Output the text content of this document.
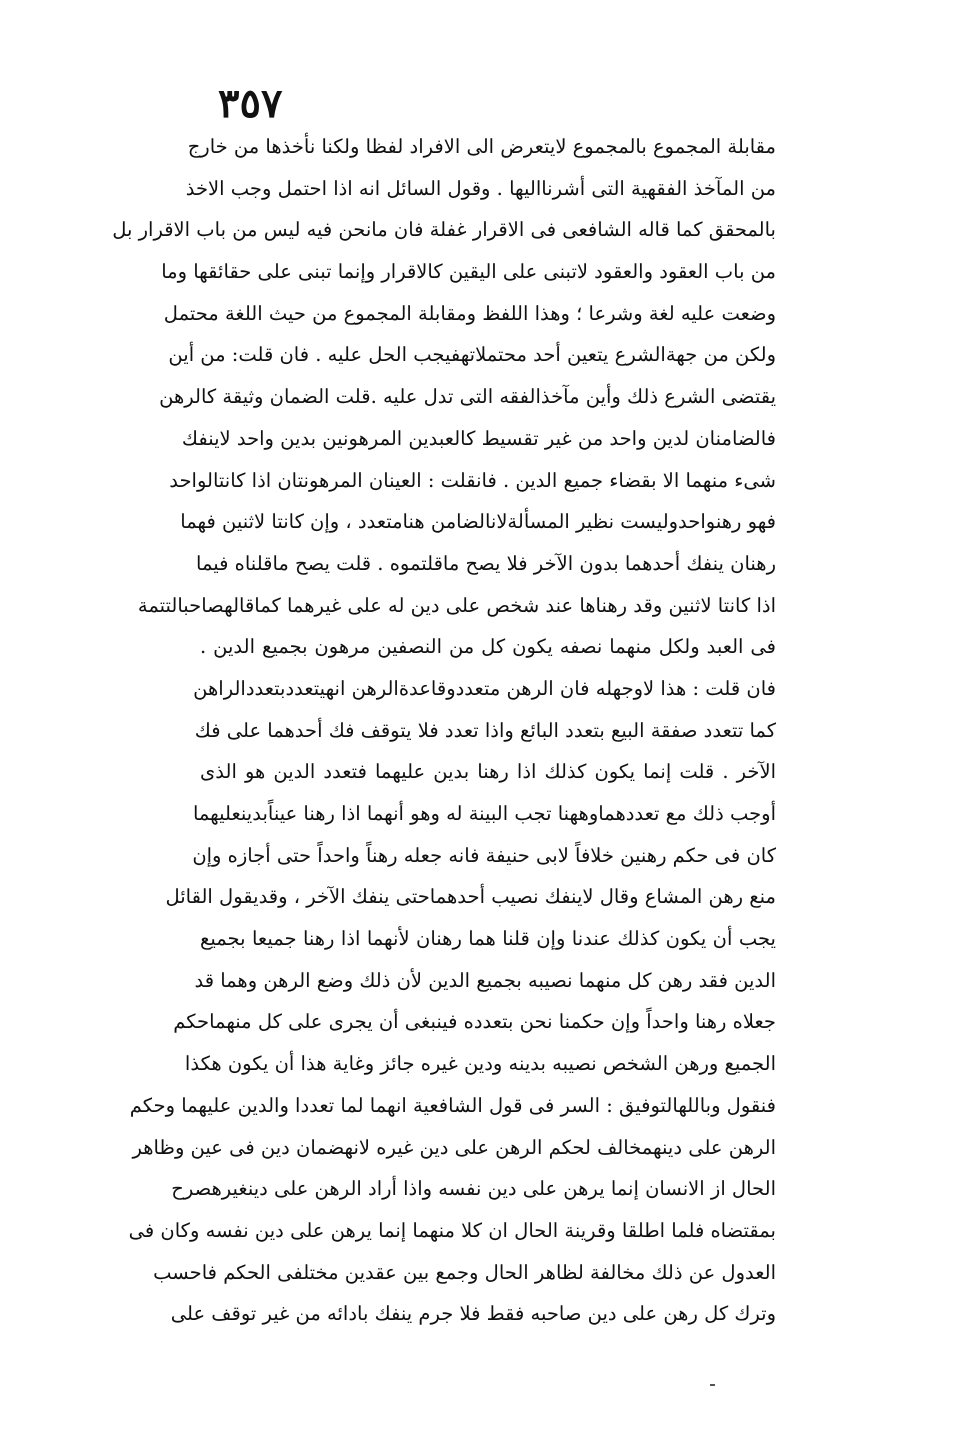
٣٥٧
مقابلة المجموع بالمجموع لايتعرض الى الافراد لفظا ولكنا نأخذها من خارج
من المآخذ الفقهية التى أشرنااليها . وقول السائل انه اذا احتمل وجب الاخذ
بالمحقق كما قاله الشافعى فى الاقرار غفلة فان مانحن فيه ليس من باب الاقرار بل
من باب العقود والعقود لاتبنى على اليقين كالاقرار وإنما تبنى على حقائقها وما
وضعت عليه لغة وشرعا ؛ وهذا اللفظ ومقابلة المجموع من حيث اللغة محتمل
ولكن من جهةالشرع يتعين أحد محتملاتهفيجب الحل عليه . فان قلت: من أين
يقتضى الشرع ذلك وأين مآخذالفقه التى تدل عليه .قلت الضمان وثيقة كالرهن
فالضامنان لدين واحد من غير تقسيط كالعبدين المرهونين بدين واحد لاينفك
شىء منهما الا بقضاء جميع الدين . فانقلت : العينان المرهونتان اذا كانتالواحد
فهو رهنواحدوليست نظير المسألةلانالضامن هنامتعدد ، وإن كانتا لاثنين فهما
رهنان ينفك أحدهما بدون الآخر فلا يصح ماقلتموه . قلت يصح ماقلناه فيما
اذا كانتا لاثنين وقد رهناها عند شخص على دين له على غيرهما كماقالهصاحبالتتمة
فى العبد ولكل منهما نصفه يكون كل من النصفين مرهون بجميع الدين .
فان قلت : هذا لاوجهله فان الرهن متعددوقاعدةالرهن انهيتعددبتعددالراهن
كما تتعدد صفقة البيع بتعدد البائع واذا تعدد فلا يتوقف فك أحدهما على فك
الآخر . قلت إنما يكون كذلك اذا رهنا بدين عليهما فتعدد الدين هو الذى
أوجب ذلك مع تعددهماوههنا تجب البينة له وهو أنهما اذا رهنا عيناًبدينعليهما
كان فى حكم رهنين خلافاً لابى حنيفة فانه جعله رهناً واحداً حتى أجازه وإن
منع رهن المشاع وقال لاينفك نصيب أحدهماحتى ينفك الآخر ، وقديقول القائل
يجب أن يكون كذلك عندنا وإن قلنا هما رهنان لأنهما اذا رهنا جميعا بجميع
الدين فقد رهن كل منهما نصيبه بجميع الدين لأن ذلك وضع الرهن وهما قد
جعلاه رهنا واحداً وإن حكمنا نحن بتعدده فينبغى أن يجرى على كل منهماحكم
الجميع ورهن الشخص نصيبه بدينه ودين غيره جائز وغاية هذا أن يكون هكذا
فنقول وباللهالتوفيق : السر فى قول الشافعية انهما لما تعددا والدين عليهما وحكم
الرهن على دينهمخالف لحكم الرهن على دين غيره لانهضمان دين فى عين وظاهر
الحال از الانسان إنما يرهن على دين نفسه واذا أراد الرهن على دينغيرهصرح
بمقتضاه فلما اطلقا وقرينة الحال ان كلا منهما إنما يرهن على دين نفسه وكان فى
العدول عن ذلك مخالفة لظاهر الحال وجمع بين عقدين مختلفى الحكم فاحسب
وترك كل رهن على دين صاحبه فقط فلا جرم ينفك بادائه من غير توقف على
